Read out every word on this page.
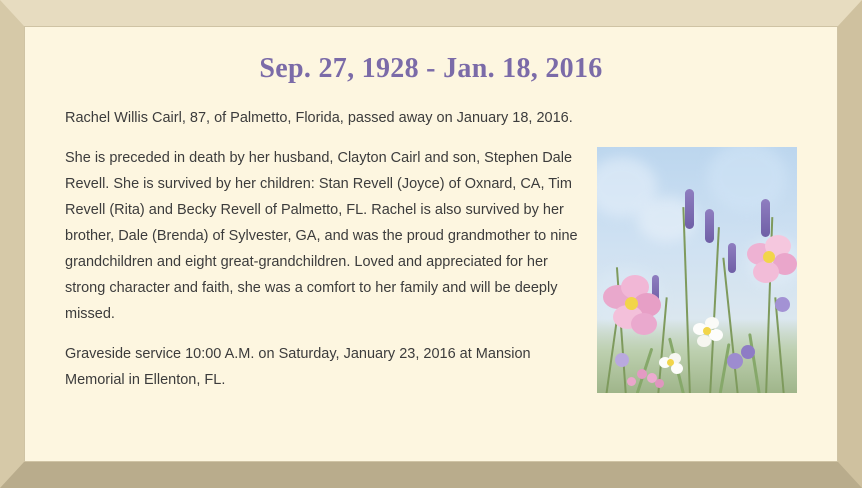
Sep. 27, 1928 - Jan. 18, 2016

Rachel Willis Cairl, 87, of Palmetto, Florida, passed away on January 18, 2016.

She is preceded in death by her husband, Clayton Cairl and son, Stephen Dale Revell. She is survived by her children: Stan Revell (Joyce) of Oxnard, CA, Tim Revell (Rita) and Becky Revell of Palmetto, FL. Rachel is also survived by her brother, Dale (Brenda) of Sylvester, GA, and was the proud grandmother to nine grandchildren and eight great-grandchildren. Loved and appreciated for her strong character and faith, she was a comfort to her family and will be deeply missed.

Graveside service 10:00 A.M. on Saturday, January 23, 2016 at Mansion Memorial in Ellenton, FL.
